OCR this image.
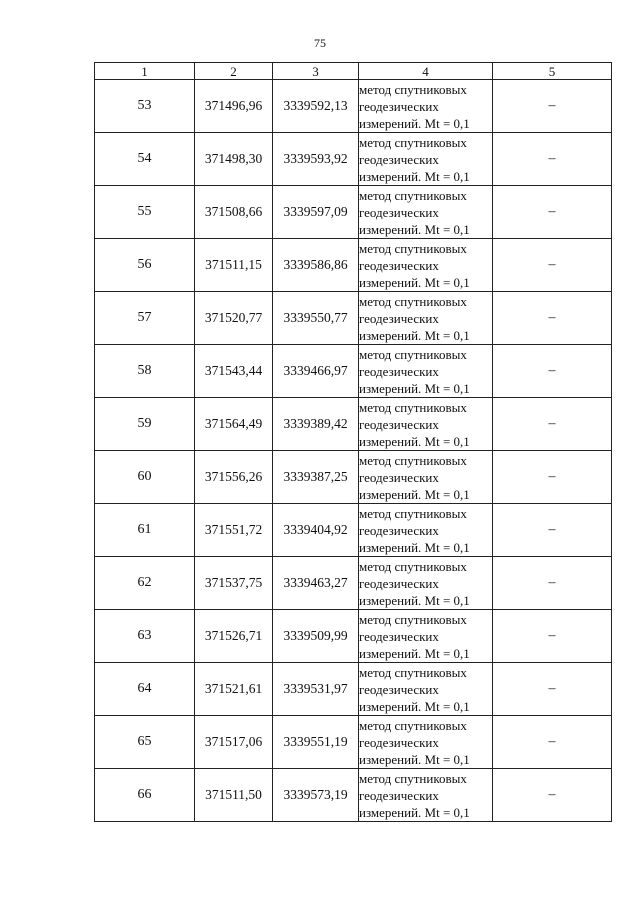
75
1	2	3	4	5
53	371496,96	3339592,13	метод спутниковых
геодезических
измерений. Mt = 0,1	–
54	371498,30	3339593,92	метод спутниковых
геодезических
измерений. Mt = 0,1	–
55	371508,66	3339597,09	метод спутниковых
геодезических
измерений. Mt = 0,1	–
56	371511,15	3339586,86	метод спутниковых
геодезических
измерений. Mt = 0,1	–
57	371520,77	3339550,77	метод спутниковых
геодезических
измерений. Mt = 0,1	–
58	371543,44	3339466,97	метод спутниковых
геодезических
измерений. Mt = 0,1	–
59	371564,49	3339389,42	метод спутниковых
геодезических
измерений. Mt = 0,1	–
60	371556,26	3339387,25	метод спутниковых
геодезических
измерений. Mt = 0,1	–
61	371551,72	3339404,92	метод спутниковых
геодезических
измерений. Mt = 0,1	–
62	371537,75	3339463,27	метод спутниковых
геодезических
измерений. Mt = 0,1	–
63	371526,71	3339509,99	метод спутниковых
геодезических
измерений. Mt = 0,1	–
64	371521,61	3339531,97	метод спутниковых
геодезических
измерений. Mt = 0,1	–
65	371517,06	3339551,19	метод спутниковых
геодезических
измерений. Mt = 0,1	–
66	371511,50	3339573,19	метод спутниковых
геодезических
измерений. Mt = 0,1	–
